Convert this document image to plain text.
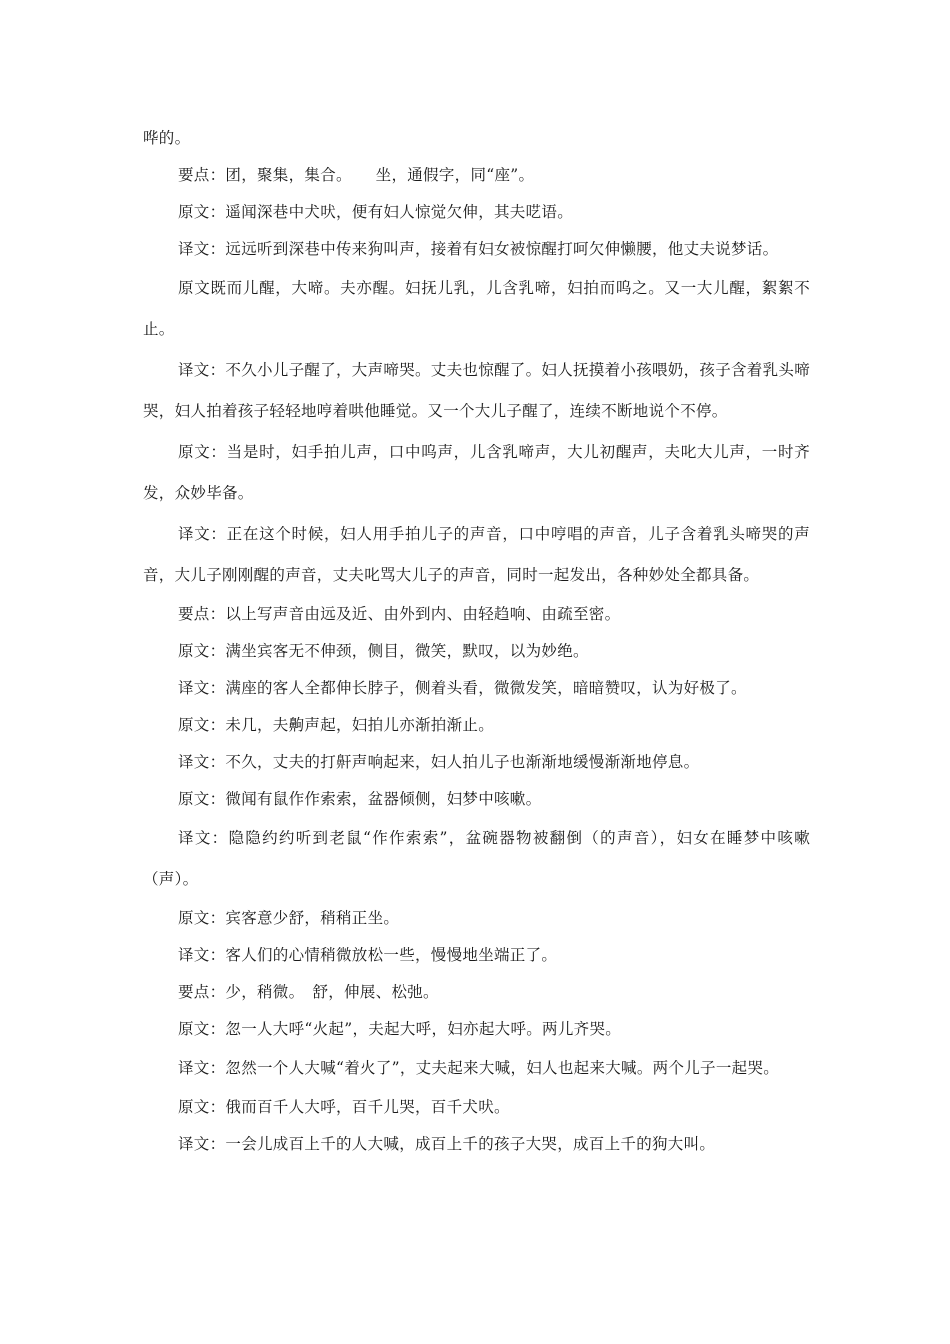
哗的。

要点：团，聚集，集合。　　坐，通假字，同“座”。

原文：遥闻深巷中犬吠，便有妇人惊觉欠伸，其夫呓语。

译文：远远听到深巷中传来狗叫声，接着有妇女被惊醒打呵欠伸懒腰，他丈夫说梦话。

原文既而儿醒，大啼。夫亦醒。妇抚儿乳，儿含乳啼，妇拍而呜之。又一大儿醒，絮絮不止。

译文：不久小儿子醒了，大声啼哭。丈夫也惊醒了。妇人抚摸着小孩喂奶，孩子含着乳头啼哭，妇人拍着孩子轻轻地哼着哄他睡觉。又一个大儿子醒了，连续不断地说个不停。

原文：当是时，妇手拍儿声，口中呜声，儿含乳啼声，大儿初醒声，夫叱大儿声，一时齐发，众妙毕备。

译文：正在这个时候，妇人用手拍儿子的声音，口中哼唱的声音，儿子含着乳头啼哭的声音，大儿子刚刚醒的声音，丈夫叱骂大儿子的声音，同时一起发出，各种妙处全都具备。

要点：以上写声音由远及近、由外到内、由轻趋响、由疏至密。

原文：满坐宾客无不伸颈，侧目，微笑，默叹，以为妙绝。

译文：满座的客人全都伸长脖子，侧着头看，微微发笑，暗暗赞叹，认为好极了。

原文：未几，夫齁声起，妇拍儿亦渐拍渐止。

译文：不久，丈夫的打鼾声响起来，妇人拍儿子也渐渐地缓慢渐渐地停息。

原文：微闻有鼠作作索索，盆器倾侧，妇梦中咳嗽。

译文：隐隐约约听到老鼠“作作索索”，盆碗器物被翻倒（的声音），妇女在睡梦中咳嗽（声）。

原文：宾客意少舒，稍稍正坐。

译文：客人们的心情稍微放松一些，慢慢地坐端正了。

要点：少，稍微。　舒，伸展、松弛。

原文：忽一人大呼“火起”，夫起大呼，妇亦起大呼。两儿齐哭。

译文：忽然一个人大喊“着火了”，丈夫起来大喊，妇人也起来大喊。两个儿子一起哭。

原文：俄而百千人大呼，百千儿哭，百千犬吠。

译文：一会儿成百上千的人大喊，成百上千的孩子大哭，成百上千的狗大叫。
